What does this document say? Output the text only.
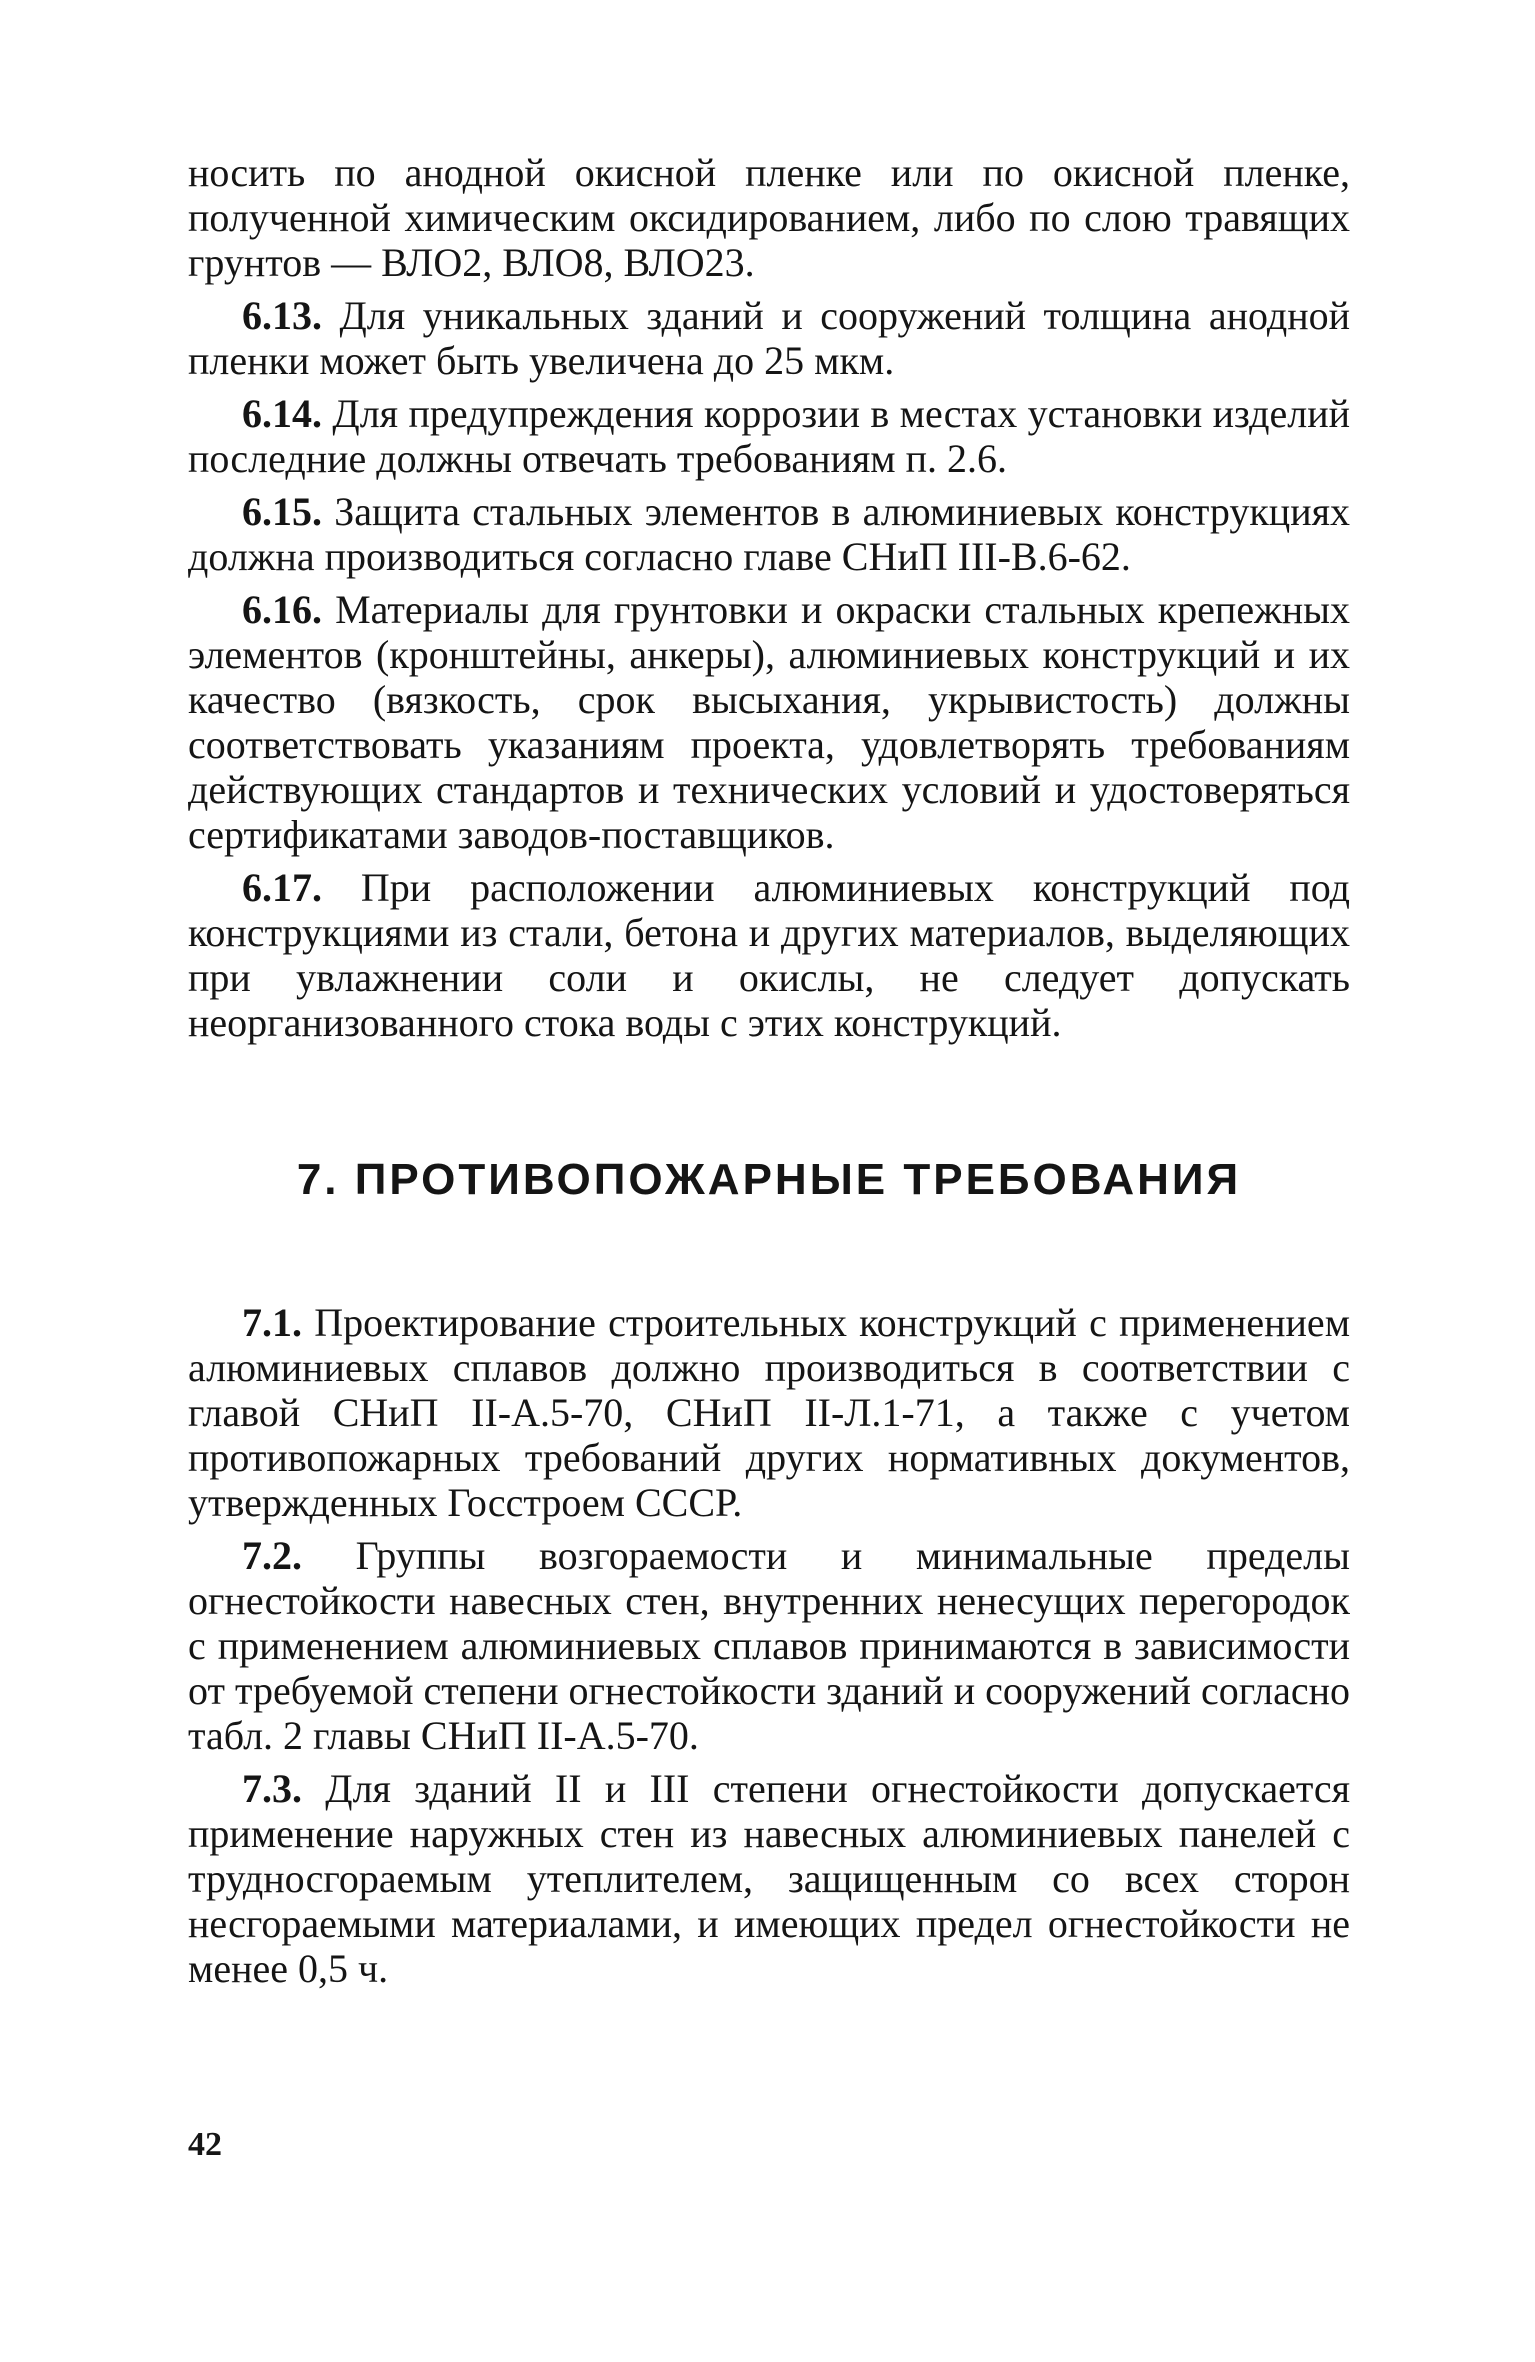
носить по анодной окисной пленке или по окисной пленке, полученной химическим оксидированием, либо по слою травящих грунтов — ВЛО2, ВЛО8, ВЛО23.

6.13. Для уникальных зданий и сооружений толщина анодной пленки может быть увеличена до 25 мкм.

6.14. Для предупреждения коррозии в местах установки изделий последние должны отвечать требованиям п. 2.6.

6.15. Защита стальных элементов в алюминиевых конструкциях должна производиться согласно главе СНиП III-В.6-62.

6.16. Материалы для грунтовки и окраски стальных крепежных элементов (кронштейны, анкеры), алюминиевых конструкций и их качество (вязкость, срок высыхания, укрывистость) должны соответствовать указаниям проекта, удовлетворять требованиям действующих стандартов и технических условий и удостоверяться сертификатами заводов-поставщиков.

6.17. При расположении алюминиевых конструкций под конструкциями из стали, бетона и других материалов, выделяющих при увлажнении соли и окислы, не следует допускать неорганизованного стока воды с этих конструкций.

7. ПРОТИВОПОЖАРНЫЕ ТРЕБОВАНИЯ

7.1. Проектирование строительных конструкций с применением алюминиевых сплавов должно производиться в соответствии с главой СНиП II-А.5-70, СНиП II-Л.1-71, а также с учетом противопожарных требований других нормативных документов, утвержденных Госстроем СССР.

7.2. Группы возгораемости и минимальные пределы огнестойкости навесных стен, внутренних ненесущих перегородок с применением алюминиевых сплавов принимаются в зависимости от требуемой степени огнестойкости зданий и сооружений согласно табл. 2 главы СНиП II-А.5-70.

7.3. Для зданий II и III степени огнестойкости допускается применение наружных стен из навесных алюминиевых панелей с трудносгораемым утеплителем, защищенным со всех сторон несгораемыми материалами, и имеющих предел огнестойкости не менее 0,5 ч.

42
